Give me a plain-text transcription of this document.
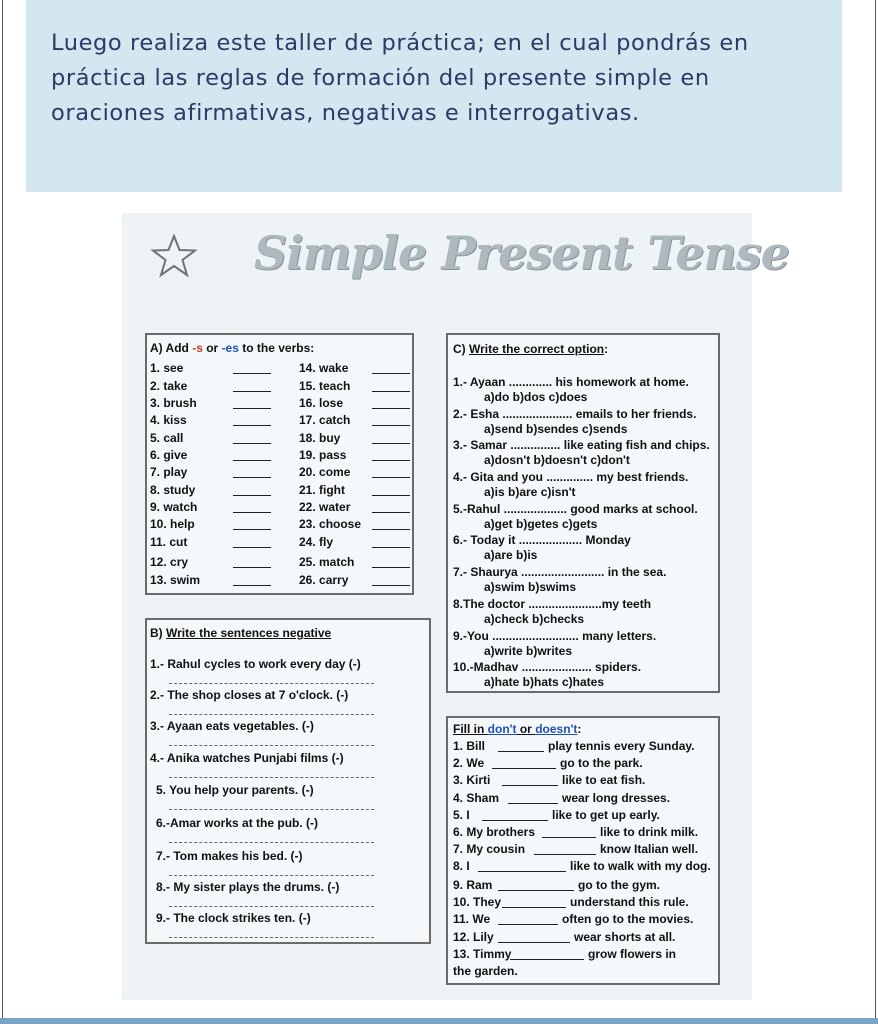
Luego realiza este taller de práctica; en el cual pondrás en práctica las reglas de formación del presente simple en oraciones afirmativas, negativas e interrogativas.

Simple Present Tense
A) Add -s or -es to the verbs:
1. see
2. take
3. brush
4. kiss
5. call
6. give
7. play
8. study
9. watch
10. help
11. cut
12. cry
13. swim
14. wake
15. teach
16. lose
17. catch
18. buy
19. pass
20. come
21. fight
22. water
23. choose
24. fly
25. match
26. carry
B) Write the sentences negative
1.- Rahul cycles to work every day (-)
2.- The shop closes at 7 o'clock. (-)
3.- Ayaan eats vegetables. (-)
4.- Anika watches Punjabi films (-)
5. You help your parents. (-)
6.-Amar works at the pub. (-)
7.- Tom makes his bed. (-)
8.- My sister plays the drums. (-)
9.- The clock strikes ten. (-)
C) Write the correct option:
1.- Ayaan ............. his homework at home.
a)do b)dos c)does
2.- Esha ..................... emails to her friends.
a)send b)sendes c)sends
3.- Samar ............... like eating fish and chips.
a)dosn't b)doesn't c)don't
4.- Gita and you .............. my best friends.
a)is b)are c)isn't
5.-Rahul ................... good marks at school.
a)get b)getes c)gets
6.- Today it ................... Monday
a)are b)is
7.- Shaurya ......................... in the sea.
a)swim b)swims
8.The doctor ......................my teeth
a)check b)checks
9.-You .......................... many letters.
a)write b)writes
10.-Madhav ..................... spiders.
a)hate b)hats c)hates
Fill in don't or doesn't:
the garden.
1. Bill	play tennis every Sunday.
2. We	go to the park.
3. Kirti	like to eat fish.
4. Sham	wear long dresses.
5. I	like to get up early.
6. My brothers	like to drink milk.
7. My cousin	know Italian well.
8. I	like to walk with my dog.
9. Ram	go to the gym.
10. They	understand this rule.
11. We	often go to the movies.
12. Lily	wear shorts at all.
13. Timmy	grow flowers in
